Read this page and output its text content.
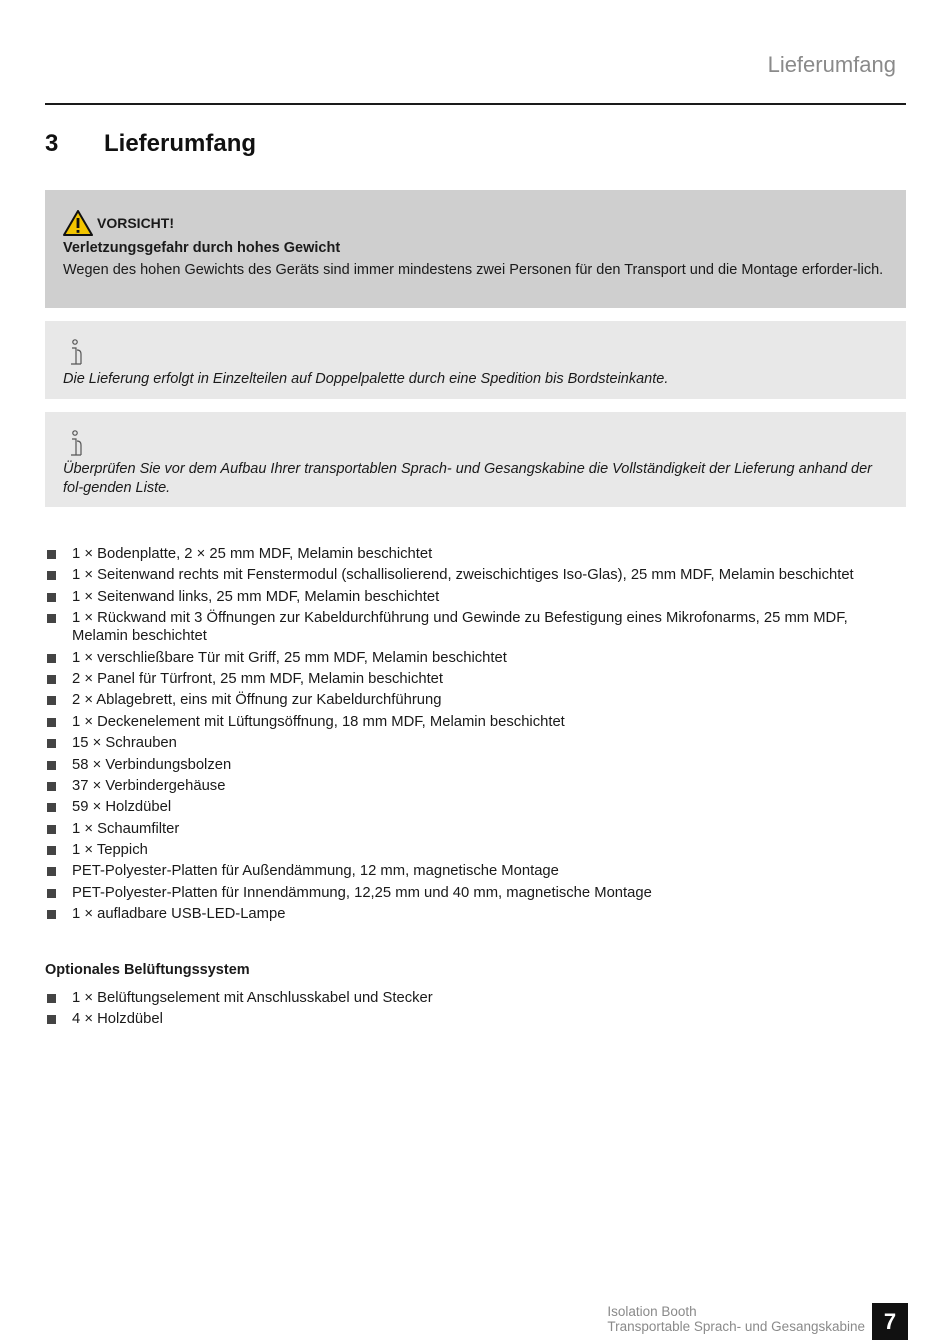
Lieferumfang
3 Lieferumfang
VORSICHT!
Verletzungsgefahr durch hohes Gewicht
Wegen des hohen Gewichts des Geräts sind immer mindestens zwei Personen für den Transport und die Montage erforder-lich.
Die Lieferung erfolgt in Einzelteilen auf Doppelpalette durch eine Spedition bis Bordsteinkante.
Überprüfen Sie vor dem Aufbau Ihrer transportablen Sprach- und Gesangskabine die Vollständigkeit der Lieferung anhand der fol-genden Liste.
1 × Bodenplatte, 2 × 25 mm MDF, Melamin beschichtet
1 × Seitenwand rechts mit Fenstermodul (schallisolierend, zweischichtiges Iso-Glas), 25 mm MDF, Melamin beschichtet
1 × Seitenwand links, 25 mm MDF, Melamin beschichtet
1 × Rückwand mit 3 Öffnungen zur Kabeldurchführung und Gewinde zu Befestigung eines Mikrofonarms, 25 mm MDF, Melamin beschichtet
1 × verschließbare Tür mit Griff, 25 mm MDF, Melamin beschichtet
2 × Panel für Türfront, 25 mm MDF, Melamin beschichtet
2 × Ablagebrett, eins mit Öffnung zur Kabeldurchführung
1 × Deckenelement mit Lüftungsöffnung, 18 mm MDF, Melamin beschichtet
15 × Schrauben
58 × Verbindungsbolzen
37 × Verbindergehäuse
59 × Holzdübel
1 × Schaumfilter
1 × Teppich
PET-Polyester-Platten für Außendämmung, 12 mm, magnetische Montage
PET-Polyester-Platten für Innendämmung, 12,25 mm und 40 mm, magnetische Montage
1 × aufladbare USB-LED-Lampe
Optionales Belüftungssystem
1 × Belüftungselement mit Anschlusskabel und Stecker
4 × Holzdübel
Isolation Booth
Transportable Sprach- und Gesangskabine 7
